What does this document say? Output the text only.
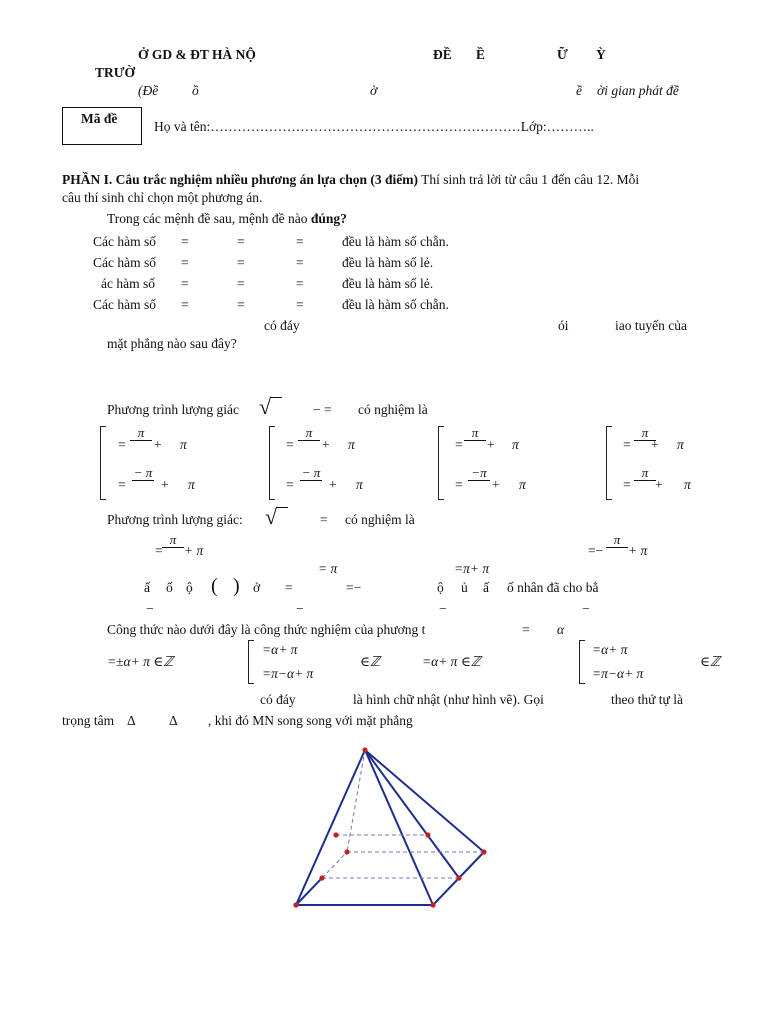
Ở GD & ĐT HÀ NỘ
TRƯỜ
ĐỀ Ề	Ữ Ỳ
(Đề	ồ	ờ	ề ời gian phát đề
Mã đề
Họ và tên:……………………………………………………………Lớp:………..
PHẦN I. Câu trắc nghiệm nhiều phương án lựa chọn (3 điểm) Thí sinh trả lời từ câu 1 đến câu 12. Mỗi
câu thí sinh chỉ chọn một phương án.
Trong các mệnh đề sau, mệnh đề nào đúng?
Các hàm số =	=	=	đều là hàm số chẵn.
Các hàm số =	=	=	đều là hàm số lẻ.
ác hàm số =	=	=	đều là hàm số lẻ.
Các hàm số =	=	=	đều là hàm số chẵn.
có đáy	ói	iao tuyến của
mặt phẳng nào sau đây?
Phương trình lượng giác √	− = có nghiệm là
=
π
+ π
=
− π
+ π
=
π
+ π
=
− π
+ π
=
π
+ π
=
−π
+ π
=
π
+ π
=
π
+ π
Phương trình lượng giác: √	= có nghiệm là
=
π
+ π
= π	=π+ π
=−
π
+ π
ấ ố ộ ( ) ở =	=−	ộ ủ ấ ố nhân đã cho bằ
−	−	−	−
Công thức nào dưới đây là công thức nghiệm của phương t	= α
=±α+ π ∈ℤ
=α+ π
=π−α+ π
∈ℤ	=α+ π ∈ℤ
=α+ π
=π−α+ π
∈ℤ
có đáy	là hình chữ nhật (như hình vẽ). Gọi	theo thứ tự là
trọng tâm Δ Δ , khi đó MN song song với mặt phẳng
